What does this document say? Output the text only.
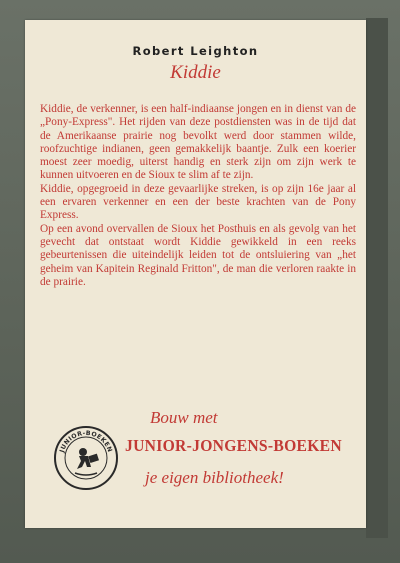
Robert Leighton
Kiddie

Kiddie, de verkenner, is een half-indiaanse jongen en in dienst van de „Pony-Express". Het rijden van deze postdiensten was in de tijd dat de Amerikaanse prairie nog bevolkt werd door stammen wilde, roofzuchtige indianen, geen gemakkelijk baantje. Zulk een koerier moest zeer moedig, uiterst handig en sterk zijn om zijn werk te kunnen uitvoeren en de Sioux te slim af te zijn.

Kiddie, opgegroeid in deze gevaarlijke streken, is op zijn 16e jaar al een ervaren verkenner en een der beste krachten van de Pony Express.

Op een avond overvallen de Sioux het Posthuis en als gevolg van het gevecht dat ontstaat wordt Kiddie gewikkeld in een reeks gebeurtenissen die uiteindelijk leiden tot de ontsluiering van „het geheim van Kapitein Reginald Fritton", de man die verloren raakte in de prairie.

JUNIOR-BOEKEN
Bouw met
JUNIOR-JONGENS-BOEKEN
je eigen bibliotheek!
